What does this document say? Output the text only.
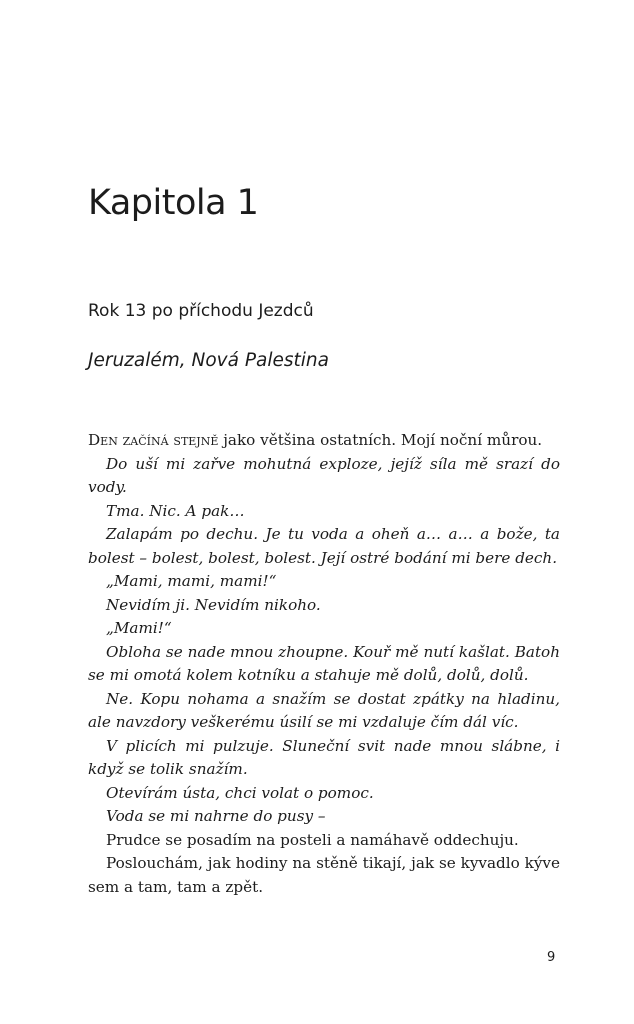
Kapitola 1
Rok 13 po příchodu Jezdců
Jeruzalém, Nová Palestina

Den začíná stejně jako většina ostatních. Mojí noční můrou.

Do uší mi zařve mohutná exploze, jejíž síla mě srazí do vody.

Tma. Nic. A pak…

Zalapám po dechu. Je tu voda a oheň a… a… a bože, ta bolest – bolest, bolest, bolest. Její ostré bodání mi bere dech.

„Mami, mami, mami!“

Nevidím ji. Nevidím nikoho.

„Mami!“

Obloha se nade mnou zhoupne. Kouř mě nutí kašlat. Batoh se mi omotá kolem kotníku a stahuje mě dolů, dolů, dolů.

Ne. Kopu nohama a snažím se dostat zpátky na hladinu, ale navzdory veškerému úsilí se mi vzdaluje čím dál víc.

V plicích mi pulzuje. Sluneční svit nade mnou slábne, i když se tolik snažím.

Otevírám ústa, chci volat o pomoc.

Voda se mi nahrne do pusy –

Prudce se posadím na posteli a namáhavě oddechuju.

Poslouchám, jak hodiny na stěně tikají, jak se kyvadlo kýve sem a tam, tam a zpět.

9
